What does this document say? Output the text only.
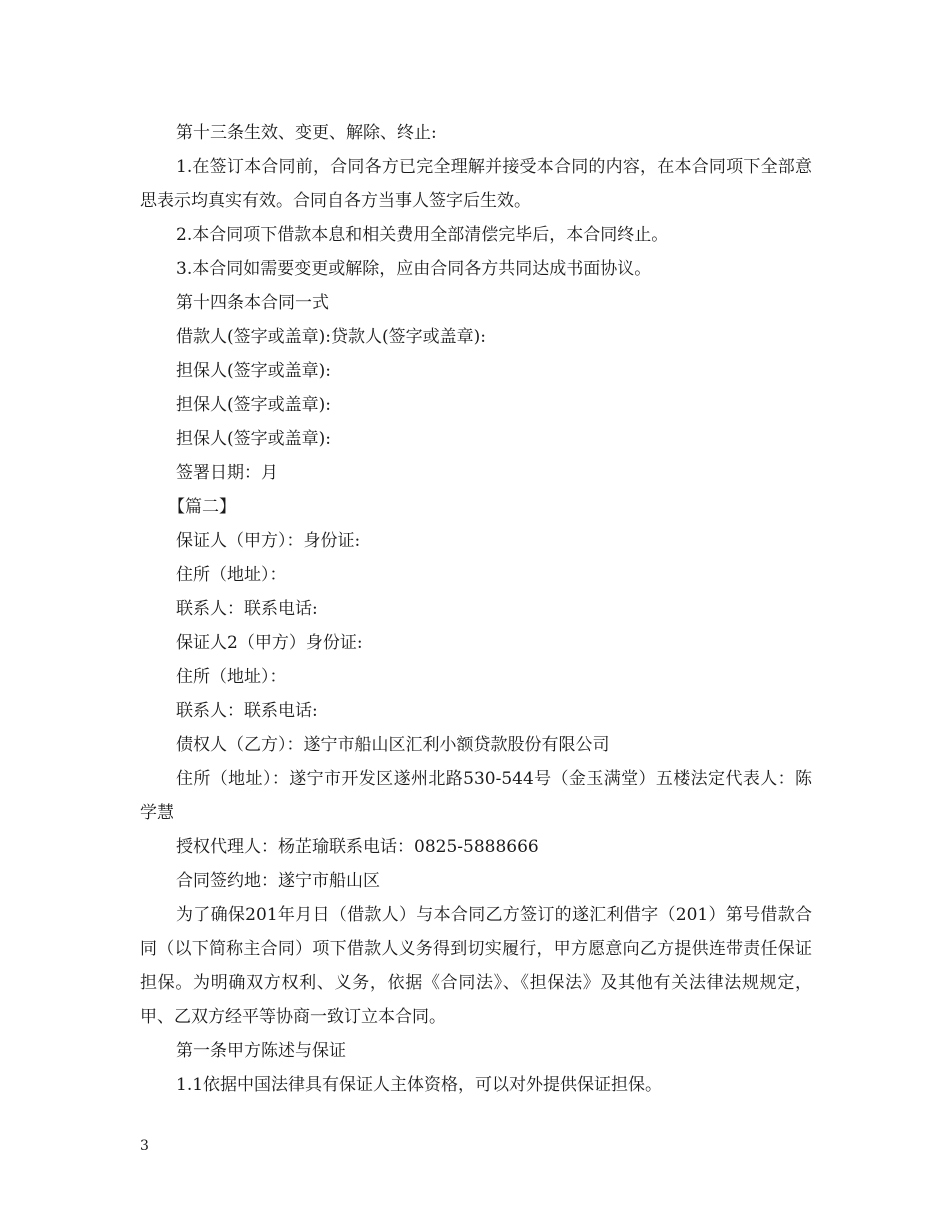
第十三条生效、变更、解除、终止:

1.在签订本合同前，合同各方已完全理解并接受本合同的内容，在本合同项下全部意思表示均真实有效。合同自各方当事人签字后生效。

2.本合同项下借款本息和相关费用全部清偿完毕后，本合同终止。

3.本合同如需要变更或解除，应由合同各方共同达成书面协议。

第十四条本合同一式

借款人(签字或盖章):贷款人(签字或盖章):

担保人(签字或盖章):

担保人(签字或盖章):

担保人(签字或盖章):

签署日期：月

【篇二】

保证人（甲方）：身份证:

住所（地址）：

联系人：联系电话:

保证人2（甲方）身份证:

住所（地址）：

联系人：联系电话:

债权人（乙方）：遂宁市船山区汇利小额贷款股份有限公司

住所（地址）：遂宁市开发区遂州北路530-544号（金玉满堂）五楼法定代表人：陈学慧

授权代理人：杨芷瑜联系电话：0825-5888666

合同签约地：遂宁市船山区

为了确保201年月日（借款人）与本合同乙方签订的遂汇利借字（201）第号借款合同（以下简称主合同）项下借款人义务得到切实履行，甲方愿意向乙方提供连带责任保证担保。为明确双方权利、义务，依据《合同法》、《担保法》及其他有关法律法规规定，甲、乙双方经平等协商一致订立本合同。

第一条甲方陈述与保证

1.1依据中国法律具有保证人主体资格，可以对外提供保证担保。

3
